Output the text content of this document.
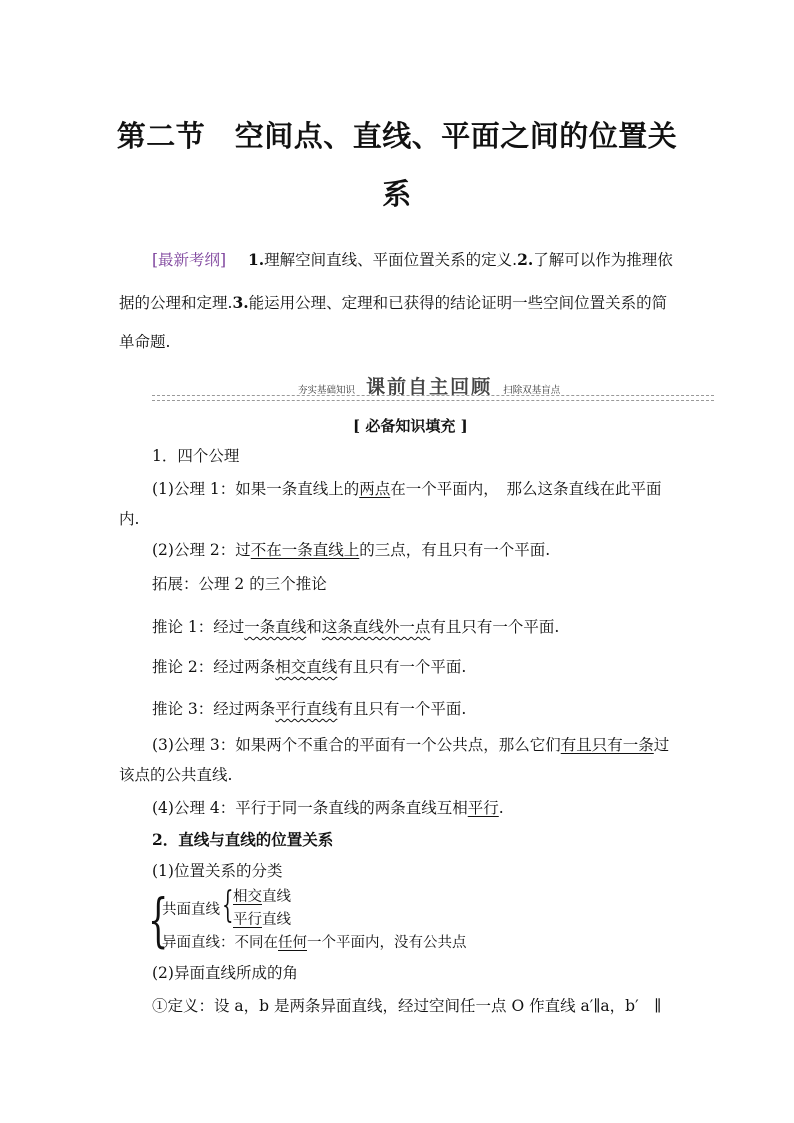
第二节　空间点、直线、平面之间的位置关
系
[最新考纲] 1.理解空间直线、平面位置关系的定义.2.了解可以作为推理依
据的公理和定理.3.能运用公理、定理和已获得的结论证明一些空间位置关系的简
单命题.
夯实基础知识 课前自主回顾 扫除双基盲点
[ 必备知识填充 ]
1．四个公理
(1)公理 1：如果一条直线上的两点在一个平面内，　那么这条直线在此平面
内.
(2)公理 2：过不在一条直线上的三点，有且只有一个平面.
拓展：公理 2 的三个推论
推论 1：经过一条直线和这条直线外一点有且只有一个平面.
推论 2：经过两条相交直线有且只有一个平面.
推论 3：经过两条平行直线有且只有一个平面.
(3)公理 3：如果两个不重合的平面有一个公共点，那么它们有且只有一条过
该点的公共直线.
(4)公理 4：平行于同一条直线的两条直线互相平行.
2．直线与直线的位置关系
(1)位置关系的分类
{
共面直线 { 相交直线
平行直线
异面直线：不同在任何一个平面内，没有公共点
(2)异面直线所成的角
①定义：设 a，b 是两条异面直线，经过空间任一点 O 作直线 a′∥a，b′　∥
